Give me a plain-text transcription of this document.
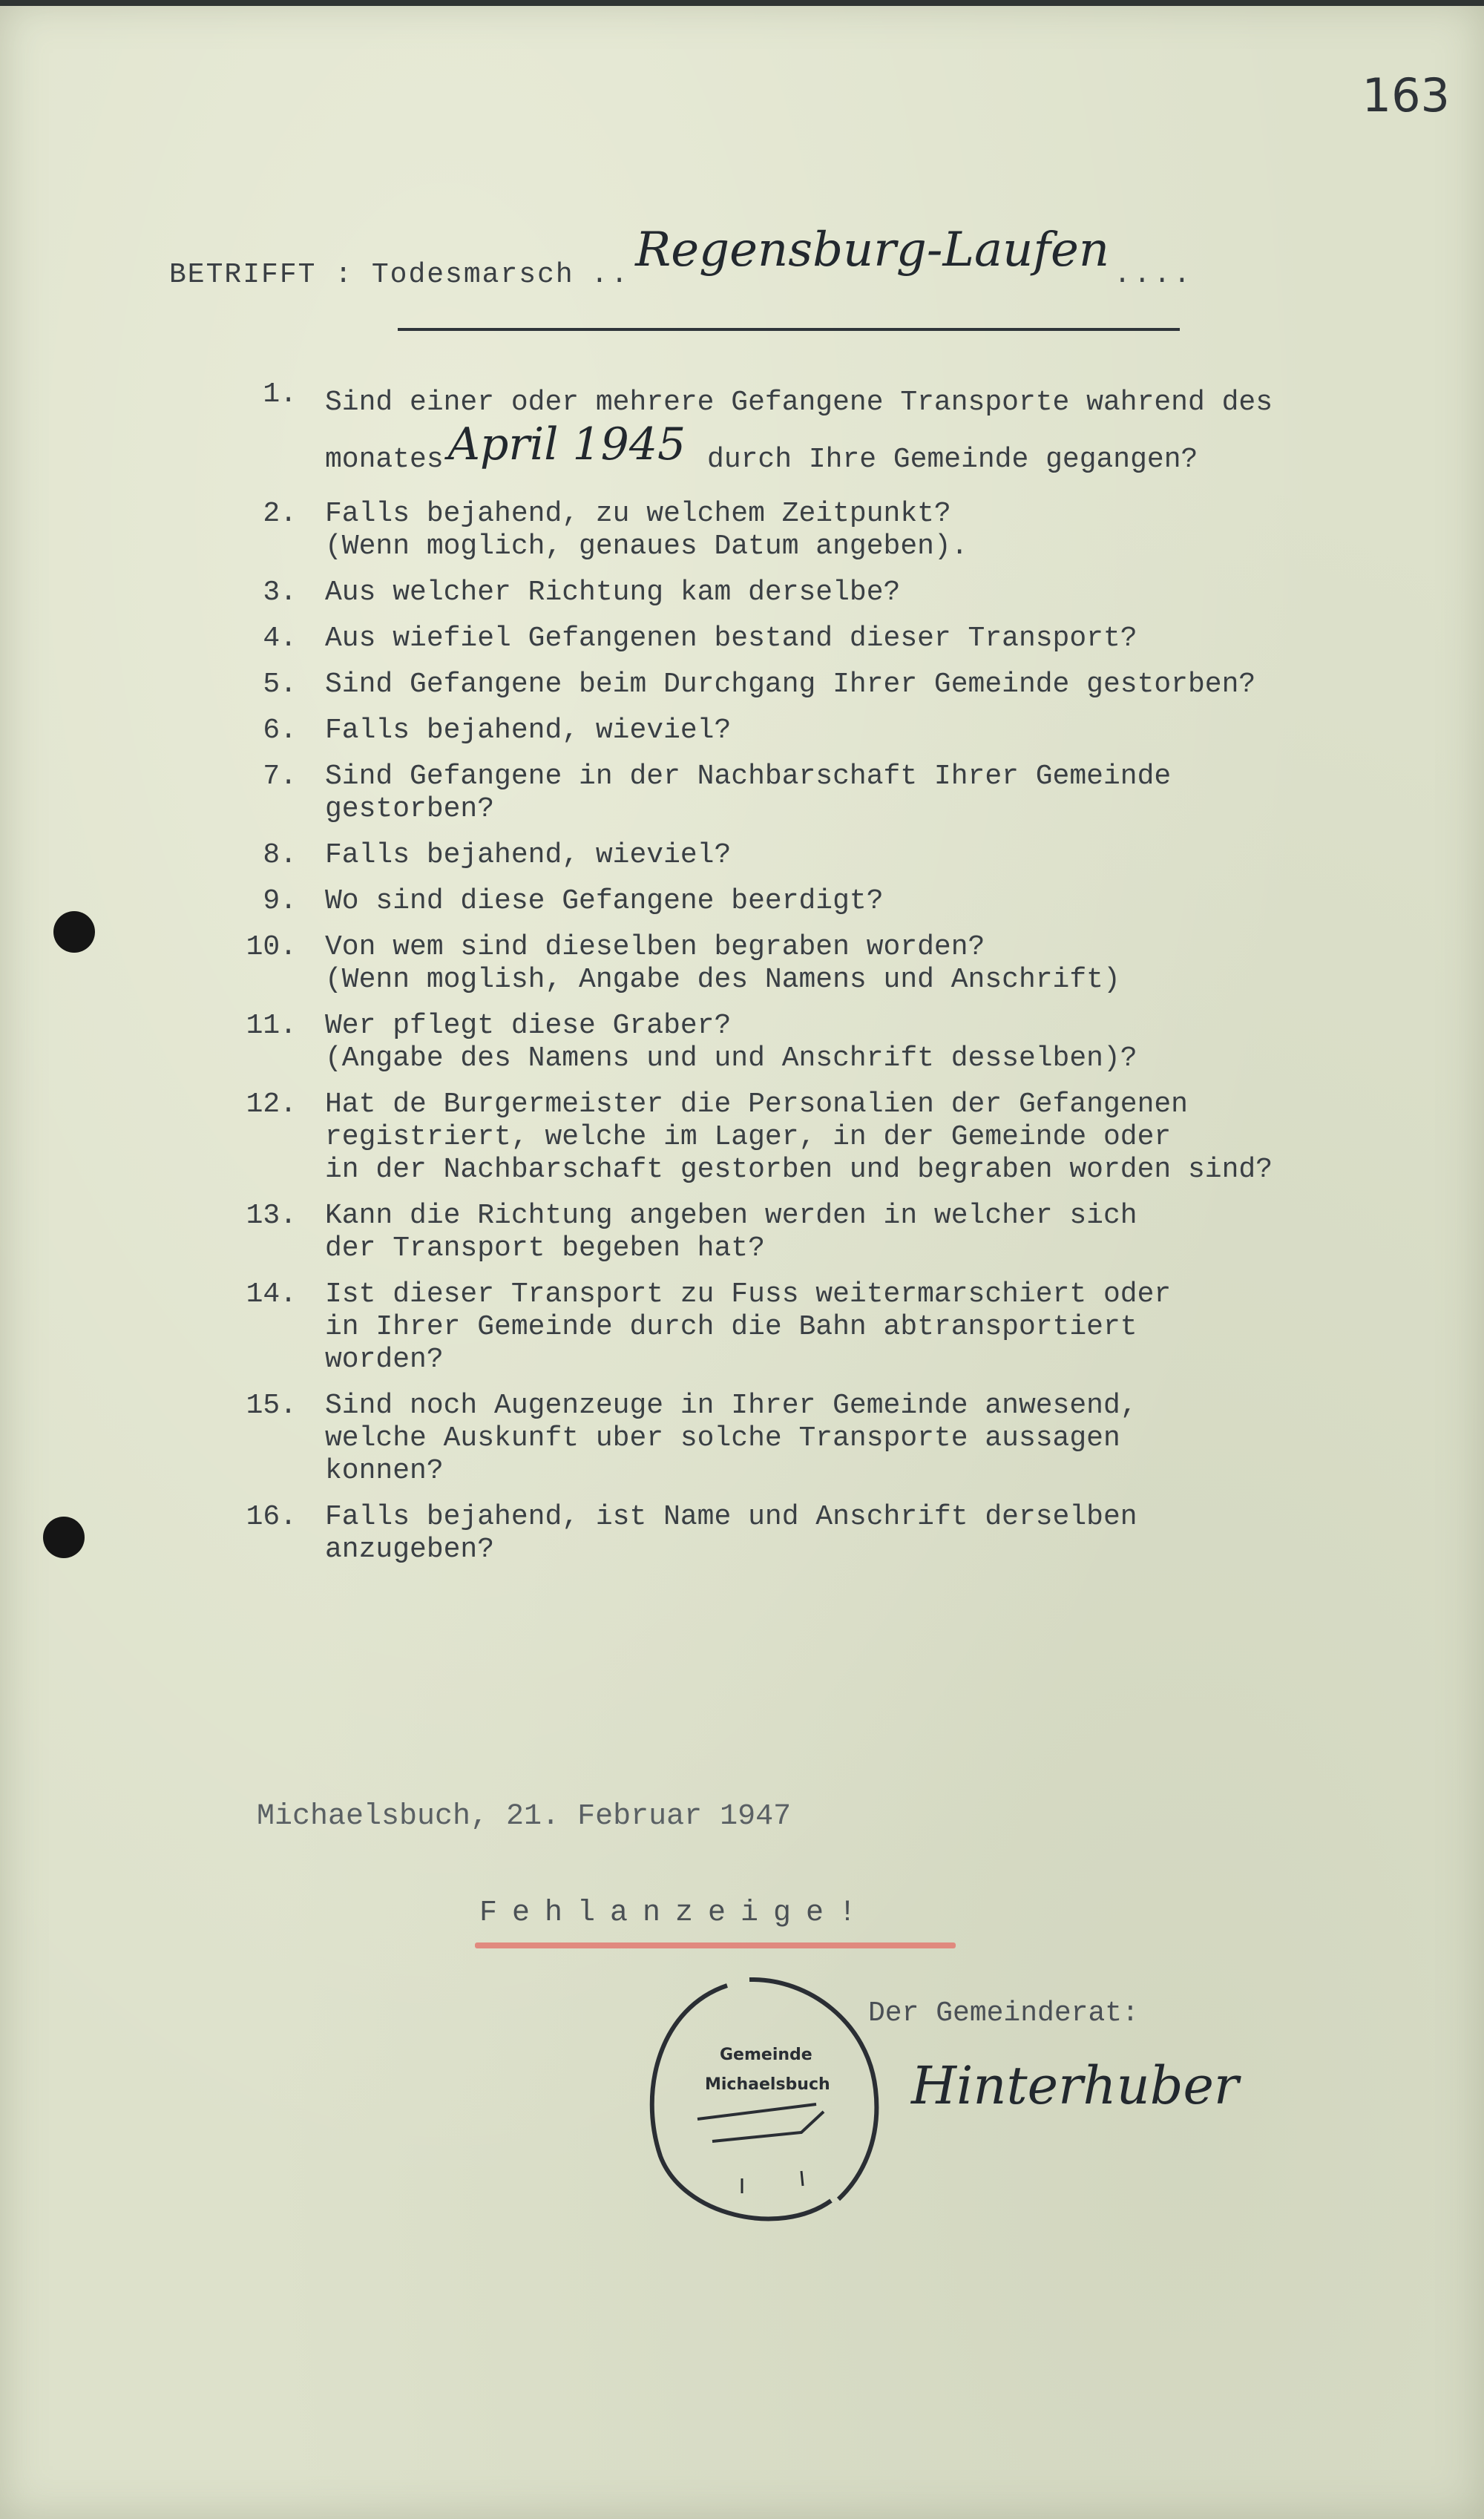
163
BETRIFFT : Todesmarsch ..Regensburg-Laufen ....
1. Sind einer oder mehrere Gefangene Transporte wahrend des monates April 1945 durch Ihre Gemeinde gegangen?
2. Falls bejahend, zu welchem Zeitpunkt?
(Wenn moglich, genaues Datum angeben).
3. Aus welcher Richtung kam derselbe?
4. Aus wiefiel Gefangenen bestand dieser Transport?
5. Sind Gefangene beim Durchgang Ihrer Gemeinde gestorben?
6. Falls bejahend, wieviel?
7. Sind Gefangene in der Nachbarschaft Ihrer Gemeinde
gestorben?
8. Falls bejahend, wieviel?
9. Wo sind diese Gefangene beerdigt?
10. Von wem sind dieselben begraben worden?
(Wenn moglish, Angabe des Namens und Anschrift)
11. Wer pflegt diese Graber?
(Angabe des Namens und und Anschrift desselben)?
12. Hat de Burgermeister die Personalien der Gefangenen
registriert, welche im Lager, in der Gemeinde oder
in der Nachbarschaft gestorben und begraben worden sind?
13. Kann die Richtung angeben werden in welcher sich
der Transport begeben hat?
14. Ist dieser Transport zu Fuss weitermarschiert oder
in Ihrer Gemeinde durch die Bahn abtransportiert
worden?
15. Sind noch Augenzeuge in Ihrer Gemeinde anwesend,
welche Auskunft uber solche Transporte aussagen
konnen?
16. Falls bejahend, ist Name und Anschrift derselben
anzugeben?
Michaelsbuch, 21. Februar 1947
Fehlanzeige!
Der Gemeinderat:
Gemeinde
Michaelsbuch Hinterhuber
